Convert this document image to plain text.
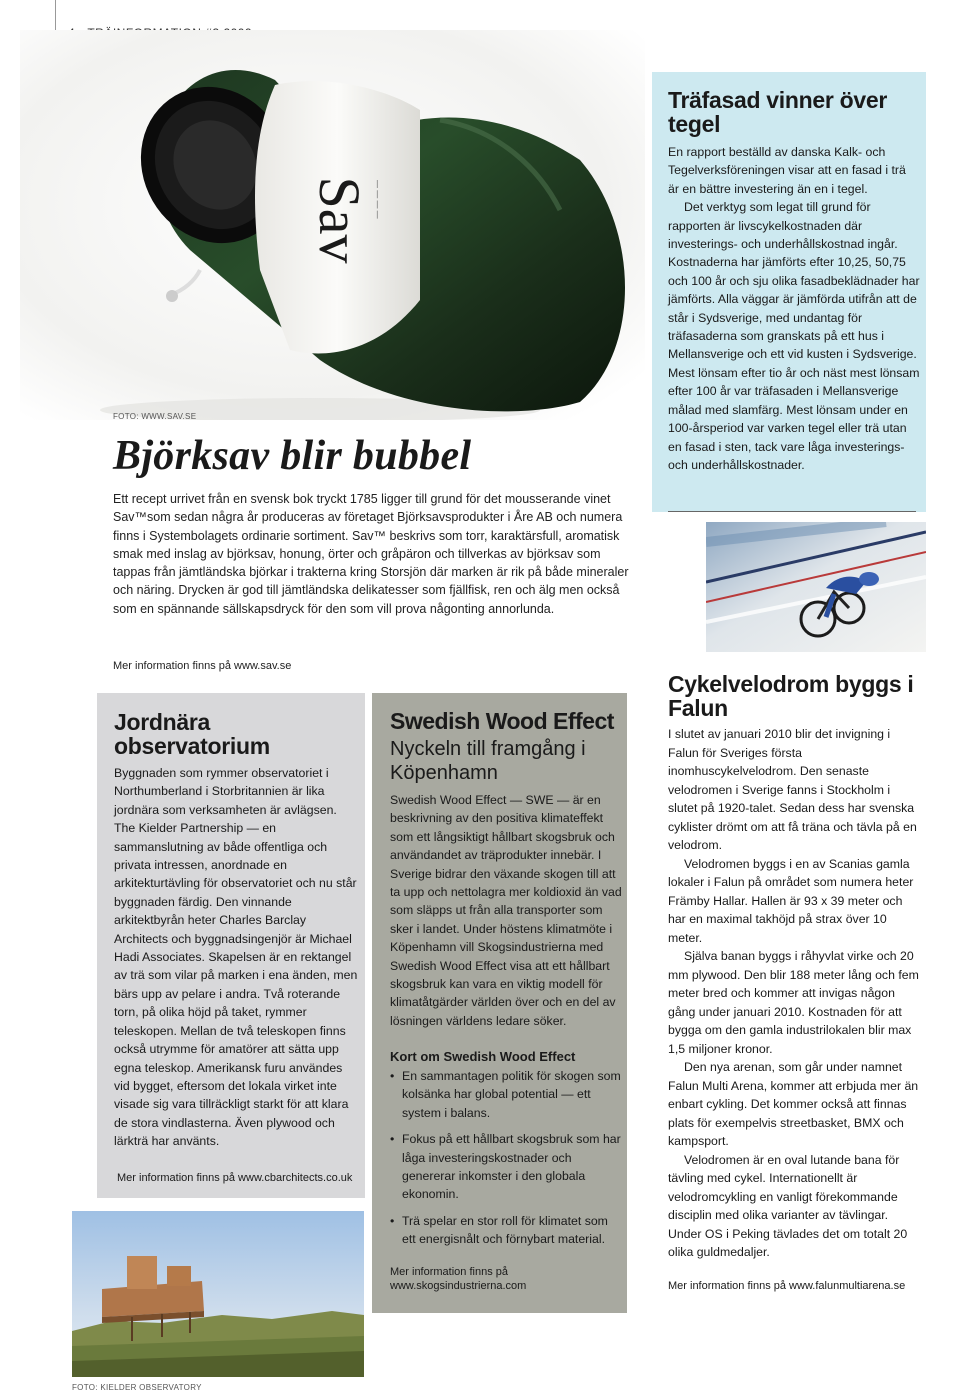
Sav — — — —
FOTO: WWW.SAV.SE
Björksav blir bubbel

Ett recept urrivet från en svensk bok tryckt 1785 ligger till grund för det mousserande vinet Sav™som sedan några år produceras av företaget Björksavsprodukter i Åre AB och numera finns i Systembolagets ordinarie sortiment. Sav™ beskrivs som torr, karaktärsfull, aromatisk smak med inslag av björksav, honung, örter och gråpäron och tillverkas av björksav som tappas från jämtländska björkar i trakterna kring Storsjön där marken är rik på både mineraler och näring. Drycken är god till jämtländska delikatesser som fjällfisk, ren och älg men också som en spännande sällskapsdryck för den som vill prova någonting annorlunda.

Mer information finns på www.sav.se
Träfasad vinner över tegel

En rapport beställd av danska Kalk- och Tegelverksföreningen visar att en fasad i trä är en bättre investering än en i tegel.

Det verktyg som legat till grund för rapporten är livscykelkostnaden där investerings- och underhållskostnad ingår. Kostnaderna har jämförts efter 10,25, 50,75 och 100 år och sju olika fasadbeklädnader har jämförts. Alla väggar är jämförda utifrån att de står i Sydsverige, med undantag för träfasaderna som granskats på ett hus i Mellansverige och ett vid kusten i Sydsverige. Mest lönsam efter tio år och näst mest lönsam efter 100 år var träfasaden i Mellansverige målad med slamfärg. Mest lönsam under en 100-årsperiod var varken tegel eller trä utan en fasad i sten, tack vare låga investerings- och underhållskostnader.

Cykelvelodrom byggs i Falun

I slutet av januari 2010 blir det invigning i Falun för Sveriges första inomhuscykelvelodrom. Den senaste velodromen i Sverige fanns i Stockholm i slutet på 1920-talet. Sedan dess har svenska cyklister drömt om att få träna och tävla på en velodrom.

Velodromen byggs i en av Scanias gamla lokaler i Falun på området som numera heter Främby Hallar. Hallen är 93 x 39 meter och har en maximal takhöjd på strax över 10 meter.

Själva banan byggs i råhyvlat virke och 20 mm plywood. Den blir 188 meter lång och fem meter bred och kommer att invigas någon gång under januari 2010. Kostnaden för att bygga om den gamla industrilokalen blir max 1,5 miljoner kronor.

Den nya arenan, som går under namnet Falun Multi Arena, kommer att erbjuda mer än enbart cykling. Det kommer också att finnas plats för exempelvis streetbasket, BMX och kampsport.

Velodromen är en oval lutande bana för tävling med cykel. Internationellt är velodromcykling en vanligt förekommande disciplin med olika varianter av tävlingar. Under OS i Peking tävlades det om totalt 20 olika guldmedaljer.

Mer information finns på www.falunmultiarena.se
Jordnära observatorium

Byggnaden som rymmer observatoriet i Northumberland i Storbritannien är lika jordnära som verksamheten är avlägsen. The Kielder Partnership — en sammanslutning av både offentliga och privata intressen, anordnade en arkitekturtävling för observatoriet och nu står byggnaden färdig. Den vinnande arkitektbyrån heter Charles Barclay Architects och byggnadsingenjör är Michael Hadi Associates. Skapelsen är en rektangel av trä som vilar på marken i ena änden, men bärs upp av pelare i andra. Två roterande torn, på olika höjd på taket, rymmer teleskopen. Mellan de två teleskopen finns också utrymme för amatörer att sätta upp egna teleskop. Amerikansk furu användes vid bygget, eftersom det lokala virket inte visade sig vara tillräckligt starkt för att klara de stora vindlasterna. Även plywood och lärkträ har använts.

Mer information finns på www.cbarchitects.co.uk
Swedish Wood Effect
Nyckeln till framgång i Köpenhamn

Swedish Wood Effect — SWE — är en beskrivning av den positiva klimateffekt som ett långsiktigt hållbart skogsbruk och användandet av träprodukter innebär. I Sverige bidrar den växande skogen till att ta upp och nettolagra mer koldioxid än vad som släpps ut från alla transporter som sker i landet. Under höstens klimatmöte i Köpenhamn vill Skogsindustrierna med Swedish Wood Effect visa att ett hållbart skogsbruk kan vara en viktig modell för klimatåtgärder världen över och en del av lösningen världens ledare söker.

Kort om Swedish Wood Effect
• En sammantagen politik för skogen som kolsänka har global potential — ett system i balans.
• Fokus på ett hållbart skogsbruk som har låga investeringskostnader och genererar inkomster i den globala ekonomin.
• Trä spelar en stor roll för klimatet som ett energisnålt och förnybart material.
Mer information finns på
www.skogsindustrierna.com
FOTO: KIELDER OBSERVATORY
